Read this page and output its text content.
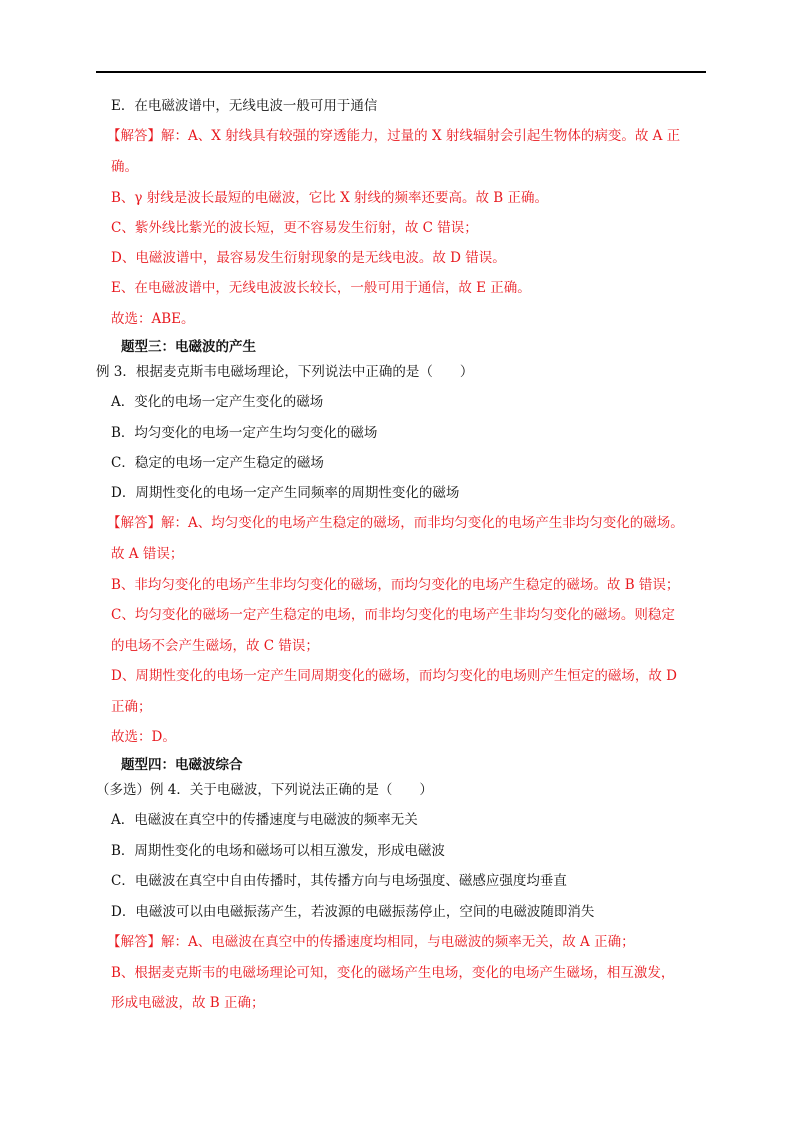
E．在电磁波谱中，无线电波一般可用于通信
【解答】解：A、X 射线具有较强的穿透能力，过量的 X 射线辐射会引起生物体的病变。故 A 正
确。
B、γ 射线是波长最短的电磁波，它比 X 射线的频率还要高。故 B 正确。
C、紫外线比紫光的波长短，更不容易发生衍射，故 C 错误；
D、电磁波谱中，最容易发生衍射现象的是无线电波。故 D 错误。
E、在电磁波谱中，无线电波波长较长，一般可用于通信，故 E 正确。
故选：ABE。
题型三：电磁波的产生
例 3．根据麦克斯韦电磁场理论，下列说法中正确的是（　　）
A．变化的电场一定产生变化的磁场
B．均匀变化的电场一定产生均匀变化的磁场
C．稳定的电场一定产生稳定的磁场
D．周期性变化的电场一定产生同频率的周期性变化的磁场
【解答】解：A、均匀变化的电场产生稳定的磁场，而非均匀变化的电场产生非均匀变化的磁场。
故 A 错误；
B、非均匀变化的电场产生非均匀变化的磁场，而均匀变化的电场产生稳定的磁场。故 B 错误；
C、均匀变化的磁场一定产生稳定的电场，而非均匀变化的电场产生非均匀变化的磁场。则稳定
的电场不会产生磁场，故 C 错误；
D、周期性变化的电场一定产生同周期变化的磁场，而均匀变化的电场则产生恒定的磁场，故 D
正确；
故选：D。
题型四：电磁波综合
（多选）例 4．关于电磁波，下列说法正确的是（　　）
A．电磁波在真空中的传播速度与电磁波的频率无关
B．周期性变化的电场和磁场可以相互激发，形成电磁波
C．电磁波在真空中自由传播时，其传播方向与电场强度、磁感应强度均垂直
D．电磁波可以由电磁振荡产生，若波源的电磁振荡停止，空间的电磁波随即消失
【解答】解：A、电磁波在真空中的传播速度均相同，与电磁波的频率无关，故 A 正确；
B、根据麦克斯韦的电磁场理论可知，变化的磁场产生电场，变化的电场产生磁场，相互激发，
形成电磁波，故 B 正确；
